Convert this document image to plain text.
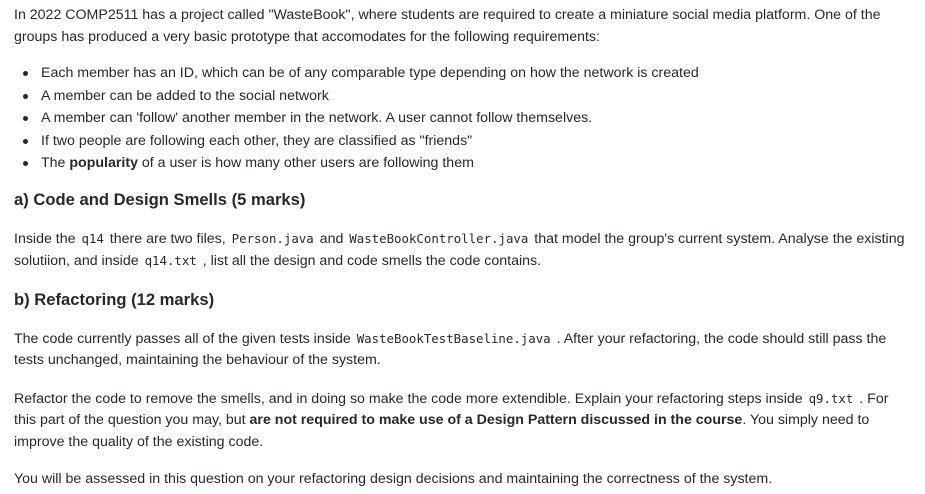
In 2022 COMP2511 has a project called "WasteBook", where students are required to create a miniature social media platform. One of the groups has produced a very basic prototype that accomodates for the following requirements:

Each member has an ID, which can be of any comparable type depending on how the network is created
A member can be added to the social network
A member can 'follow' another member in the network. A user cannot follow themselves.
If two people are following each other, they are classified as "friends"
The popularity of a user is how many other users are following them
a) Code and Design Smells (5 marks)

Inside the q14 there are two files, Person.java and WasteBookController.java that model the group's current system. Analyse the existing solutiion, and inside q14.txt , list all the design and code smells the code contains.

b) Refactoring (12 marks)

The code currently passes all of the given tests inside WasteBookTestBaseline.java . After your refactoring, the code should still pass the tests unchanged, maintaining the behaviour of the system.

Refactor the code to remove the smells, and in doing so make the code more extendible. Explain your refactoring steps inside q9.txt . For this part of the question you may, but are not required to make use of a Design Pattern discussed in the course. You simply need to improve the quality of the existing code.

You will be assessed in this question on your refactoring design decisions and maintaining the correctness of the system.
